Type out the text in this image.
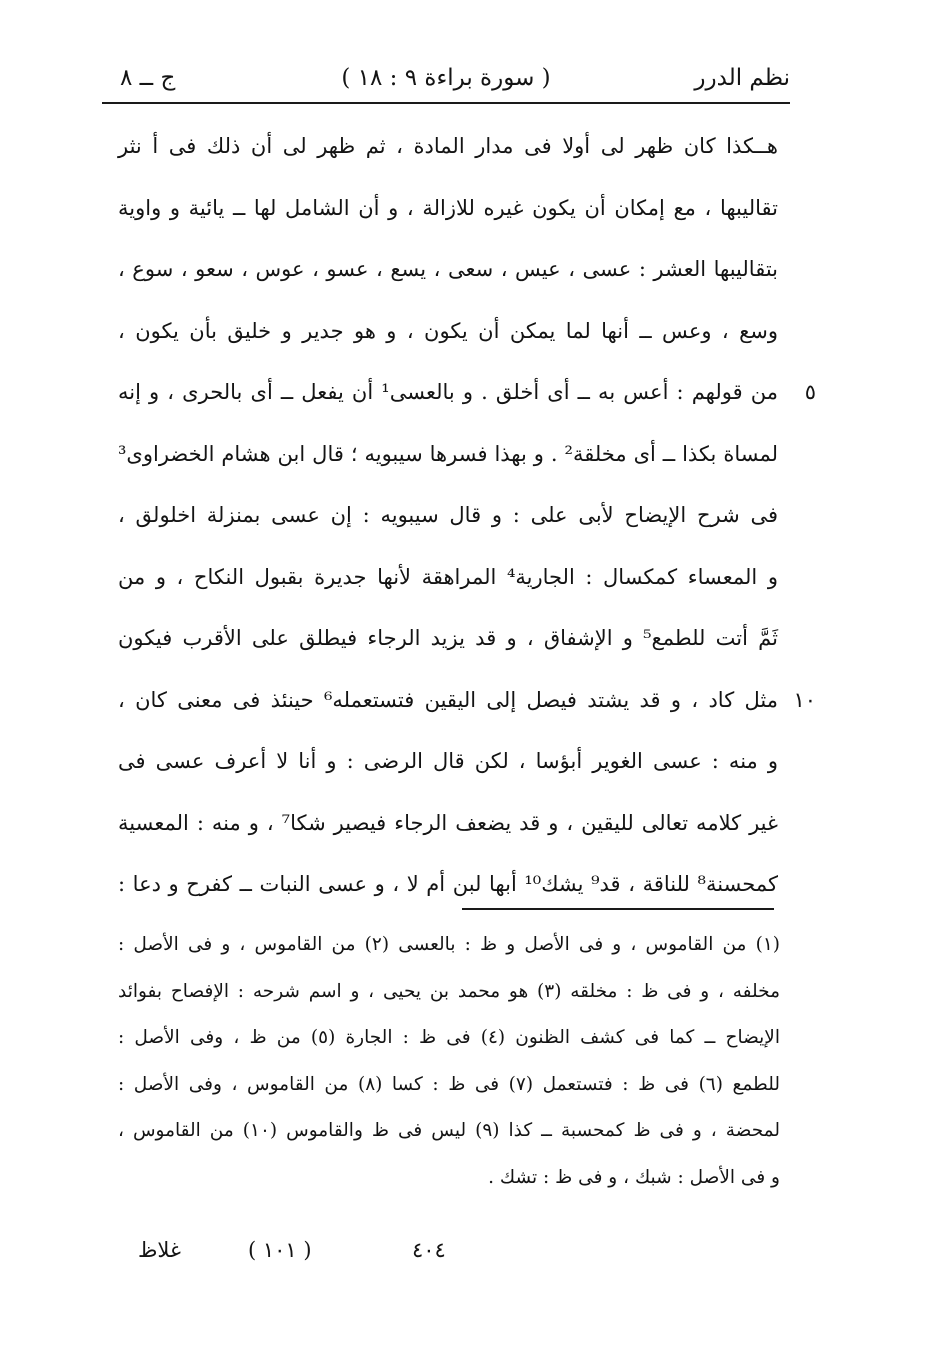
نظم الدرر
( سورة براءة ٩ : ١٨ )
ج ــ ٨
هــكذا كان ظهر لى أولا فى مدار المادة ، ثم ظهر لى أن ذلك فى أ نثر
تقاليبها ، مع إمكان أن يكون غيره للازالة ، و أن الشامل لها ــ يائية و واوية
بتقاليبها العشر : عسى ، عيس ، سعى ، يسع ، عسو ، عوس ، سعو ، سوع ،
وسع ، وعس ــ أنها لما يمكن أن يكون ، و هو جدير و خليق بأن يكون ،
٥
من قولهم : أعس به ــ أى أخلق . و بالعسى¹ أن يفعل ــ أى بالحرى ، و إنه
لمساة بكذا ــ أى مخلقة² . و بهذا فسرها سيبويه ؛ قال ابن هشام الخضراوى³
فى شرح الإيضاح لأبى على : و قال سيبويه : إن عسى بمنزلة اخلولق ،
و المعساء كمكسال : الجارية⁴ المراهقة لأنها جديرة بقبول النكاح ، و من
ثَمَّ أتت للطمع⁵ و الإشفاق ، و قد يزيد الرجاء فيطلق على الأقرب فيكون
١٠
مثل كاد ، و قد يشتد فيصل إلى اليقين فتستعمله⁶ حينئذ فى معنى كان ،
و منه : عسى الغوير أبؤسا ، لكن قال الرضى : و أنا لا أعرف عسى فى
غير كلامه تعالى لليقين ، و قد يضعف الرجاء فيصير شكا⁷ ، و منه : المعسية
كمحسنة⁸ للناقة ، قد⁹ يشك¹⁰ أبها لبن أم لا ، و عسى النبات ــ كفرح و دعا :
(١) من القاموس ، و فى الأصل و ظ : بالعسى (٢) من القاموس ، و فى الأصل :
مخلفه ، و فى ظ : مخلقه (٣) هو محمد بن يحيى ، و اسم شرحه : الإفصاح بفوائد
الإيضاح ــ كما فى كشف الظنون (٤) فى ظ : الجارة (٥) من ظ ، وفى الأصل :
للطمع (٦) فى ظ : فتستعمل (٧) فى ظ : كسا (٨) من القاموس ، وفى الأصل :
لمحضة ، و فى ظ كمحسبة ــ كذا (٩) ليس فى ظ والقاموس (١٠) من القاموس ،
و فى الأصل : شبك ، و فى ظ : تشك .
غلاظ	( ١٠١ )	٤٠٤
